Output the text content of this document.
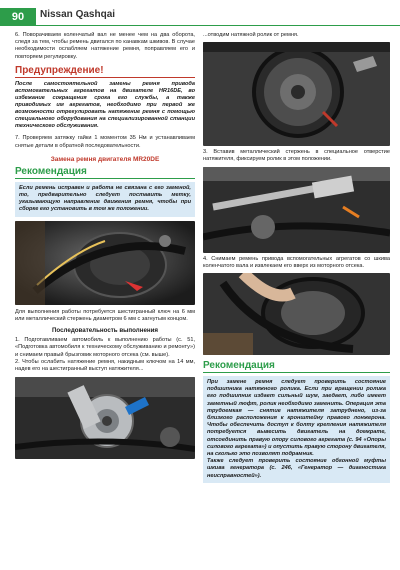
90	Nissan Qashqai

6. Поворачиваем коленчатый вал не менее чем на два оборота, следя за тем, чтобы ремень двигался по канавкам шкивов. В случае необходимости ослабляем натяжение ремня, поправляем его и повторяем регулировку.

Предупреждение!
После самостоятельной замены ремня привода вспомогательных агрегатов на двигателе HR16DE, во избежание сокращения срока его службы, а также приводимых им агрегатов, необходимо при первой же возможности отрегулировать натяжение ремня с помощью специального оборудования на специализированной станции технического обслуживания.

7. Проверяем затяжку гайки 1 моментом 35 Нм и устанавливаем снятые детали в обратной последовательности.

Замена ремня двигателя MR20DE
Рекомендация

Если ремень исправен и работа не связана с его заменой, то, предварительно следует поставить метку, указывающую направление движения ремня, чтобы при сборке его установить в том же положении.

Для выполнения работы потребуется шестигранный ключ на 6 мм или металлический стержень диаметром 6 мм с загнутым концом.

Последовательность выполнения

1. Подготавливаем автомобиль к выполнению работы (с. 51, «Подготовка автомобиля к техническому обслуживанию и ремонту») и снимаем правый брызговик моторного отсека (см. выше).

2. Чтобы ослабить натяжение ремня, накидным ключом на 14 мм, надев его на шестигранный выступ натяжителя...

...отводим натяжной ролик от ремня.

3. Вставив металлический стержень в специальное отверстие натяжителя, фиксируем ролик в этом положении.

4. Снимаем ремень привода вспомогательных агрегатов со шкива коленчатого вала и извлекаем его вверх из моторного отсека.

Рекомендация

При замене ремня следует проверить состояние подшипника натяжного ролика. Если при вращении ролика его подшипник издает сильный шум, заедает, либо имеет заметный люфт, ролик необходимо заменить. Операция эта трудоемкая — снятие натяжителя затруднено, из-за близкого расположения к кронштейну правого лонжерона. Чтобы обеспечить доступ к болту крепления натяжителя потребуется вывесить двигатель на домкрате, отсоединить правую опору силового агрегата (с. 94 «Опоры силового агрегата») и опустить правую сторону двигателя, на сколько это позволят подрамник.

Также следует проверить состояние обгонной муфты шкива генератора (с. 246, «Генератор — диагностика неисправностей»).
